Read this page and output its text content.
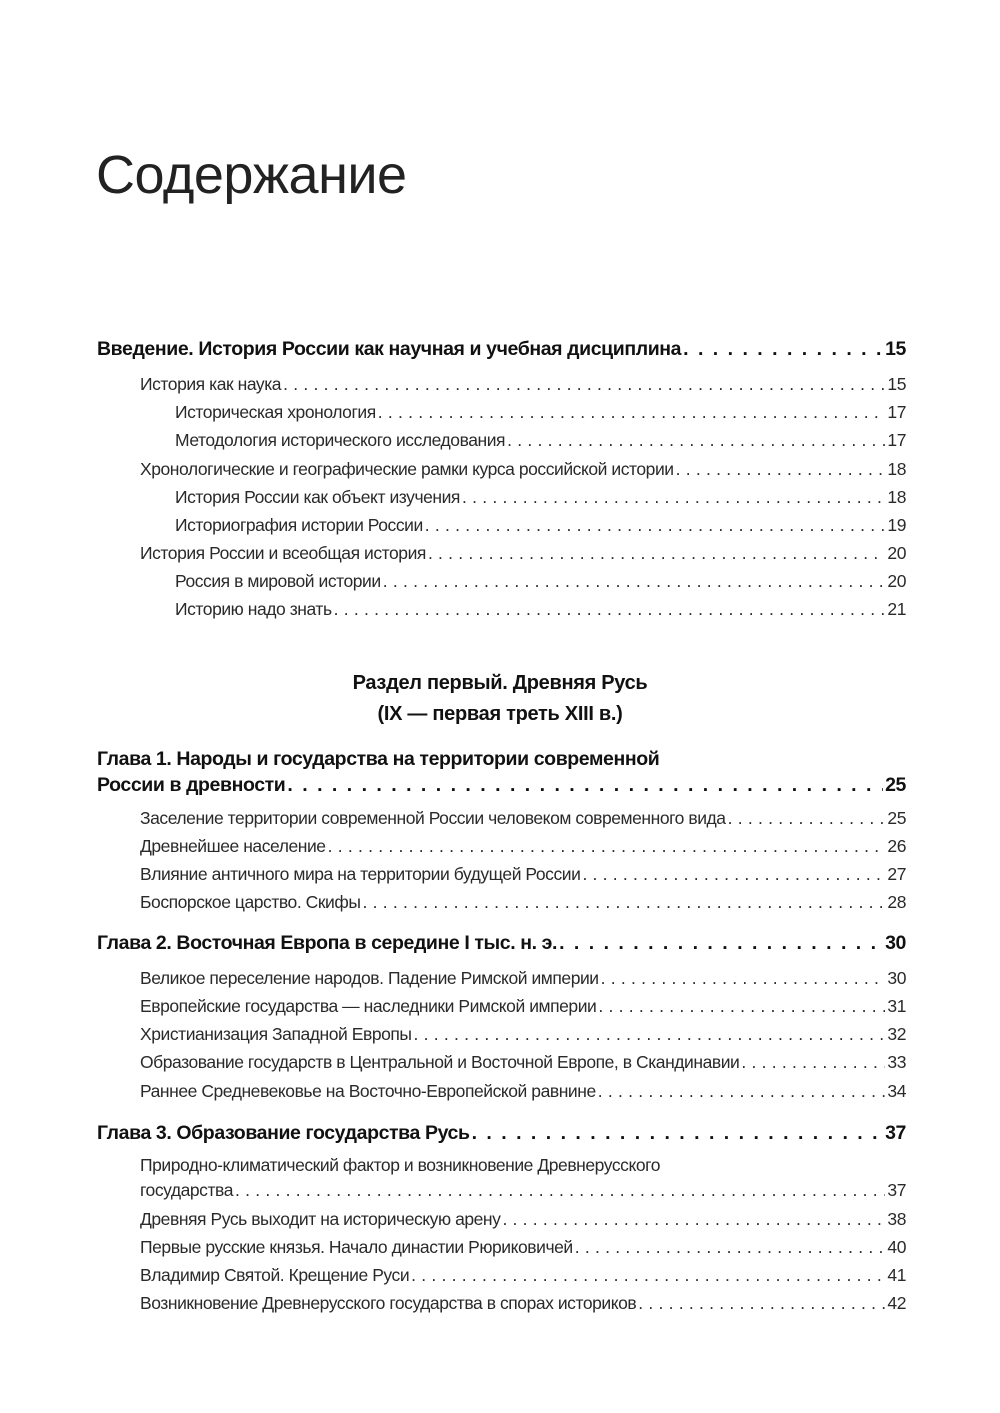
Содержание
Введение. История России как научная и учебная дисциплина . . .	15
История как наука . . .	15
Историческая хронология . . .	17
Методология исторического исследования . . .	17
Хронологические и географические рамки курса российской истории . . .	18
История России как объект изучения . . .	18
Историография истории России . . .	19
История России и всеобщая история . . .	20
Россия в мировой истории . . .	20
Историю надо знать . . .	21
Раздел первый. Древняя Русь
(IX — первая треть XIII в.)
Глава 1. Народы и государства на территории современной
России в древности . . .	25
Заселение территории современной России человеком современного вида . . .	25
Древнейшее население . . .	26
Влияние античного мира на территории будущей России . . .	27
Боспорское царство. Скифы . . .	28
Глава 2. Восточная Европа в середине I тыс. н. э. . . .	30
Великое переселение народов. Падение Римской империи . . .	30
Европейские государства — наследники Римской империи . . .	31
Христианизация Западной Европы . . .	32
Образование государств в Центральной и Восточной Европе, в Скандинавии . . .	33
Раннее Средневековье на Восточно-Европейской равнине . . .	34
Глава 3. Образование государства Русь . . .	37
Природно-климатический фактор и возникновение Древнерусского
государства . . .	37
Древняя Русь выходит на историческую арену . . .	38
Первые русские князья. Начало династии Рюриковичей . . .	40
Владимир Святой. Крещение Руси . . .	41
Возникновение Древнерусского государства в спорах историков . . .	42
